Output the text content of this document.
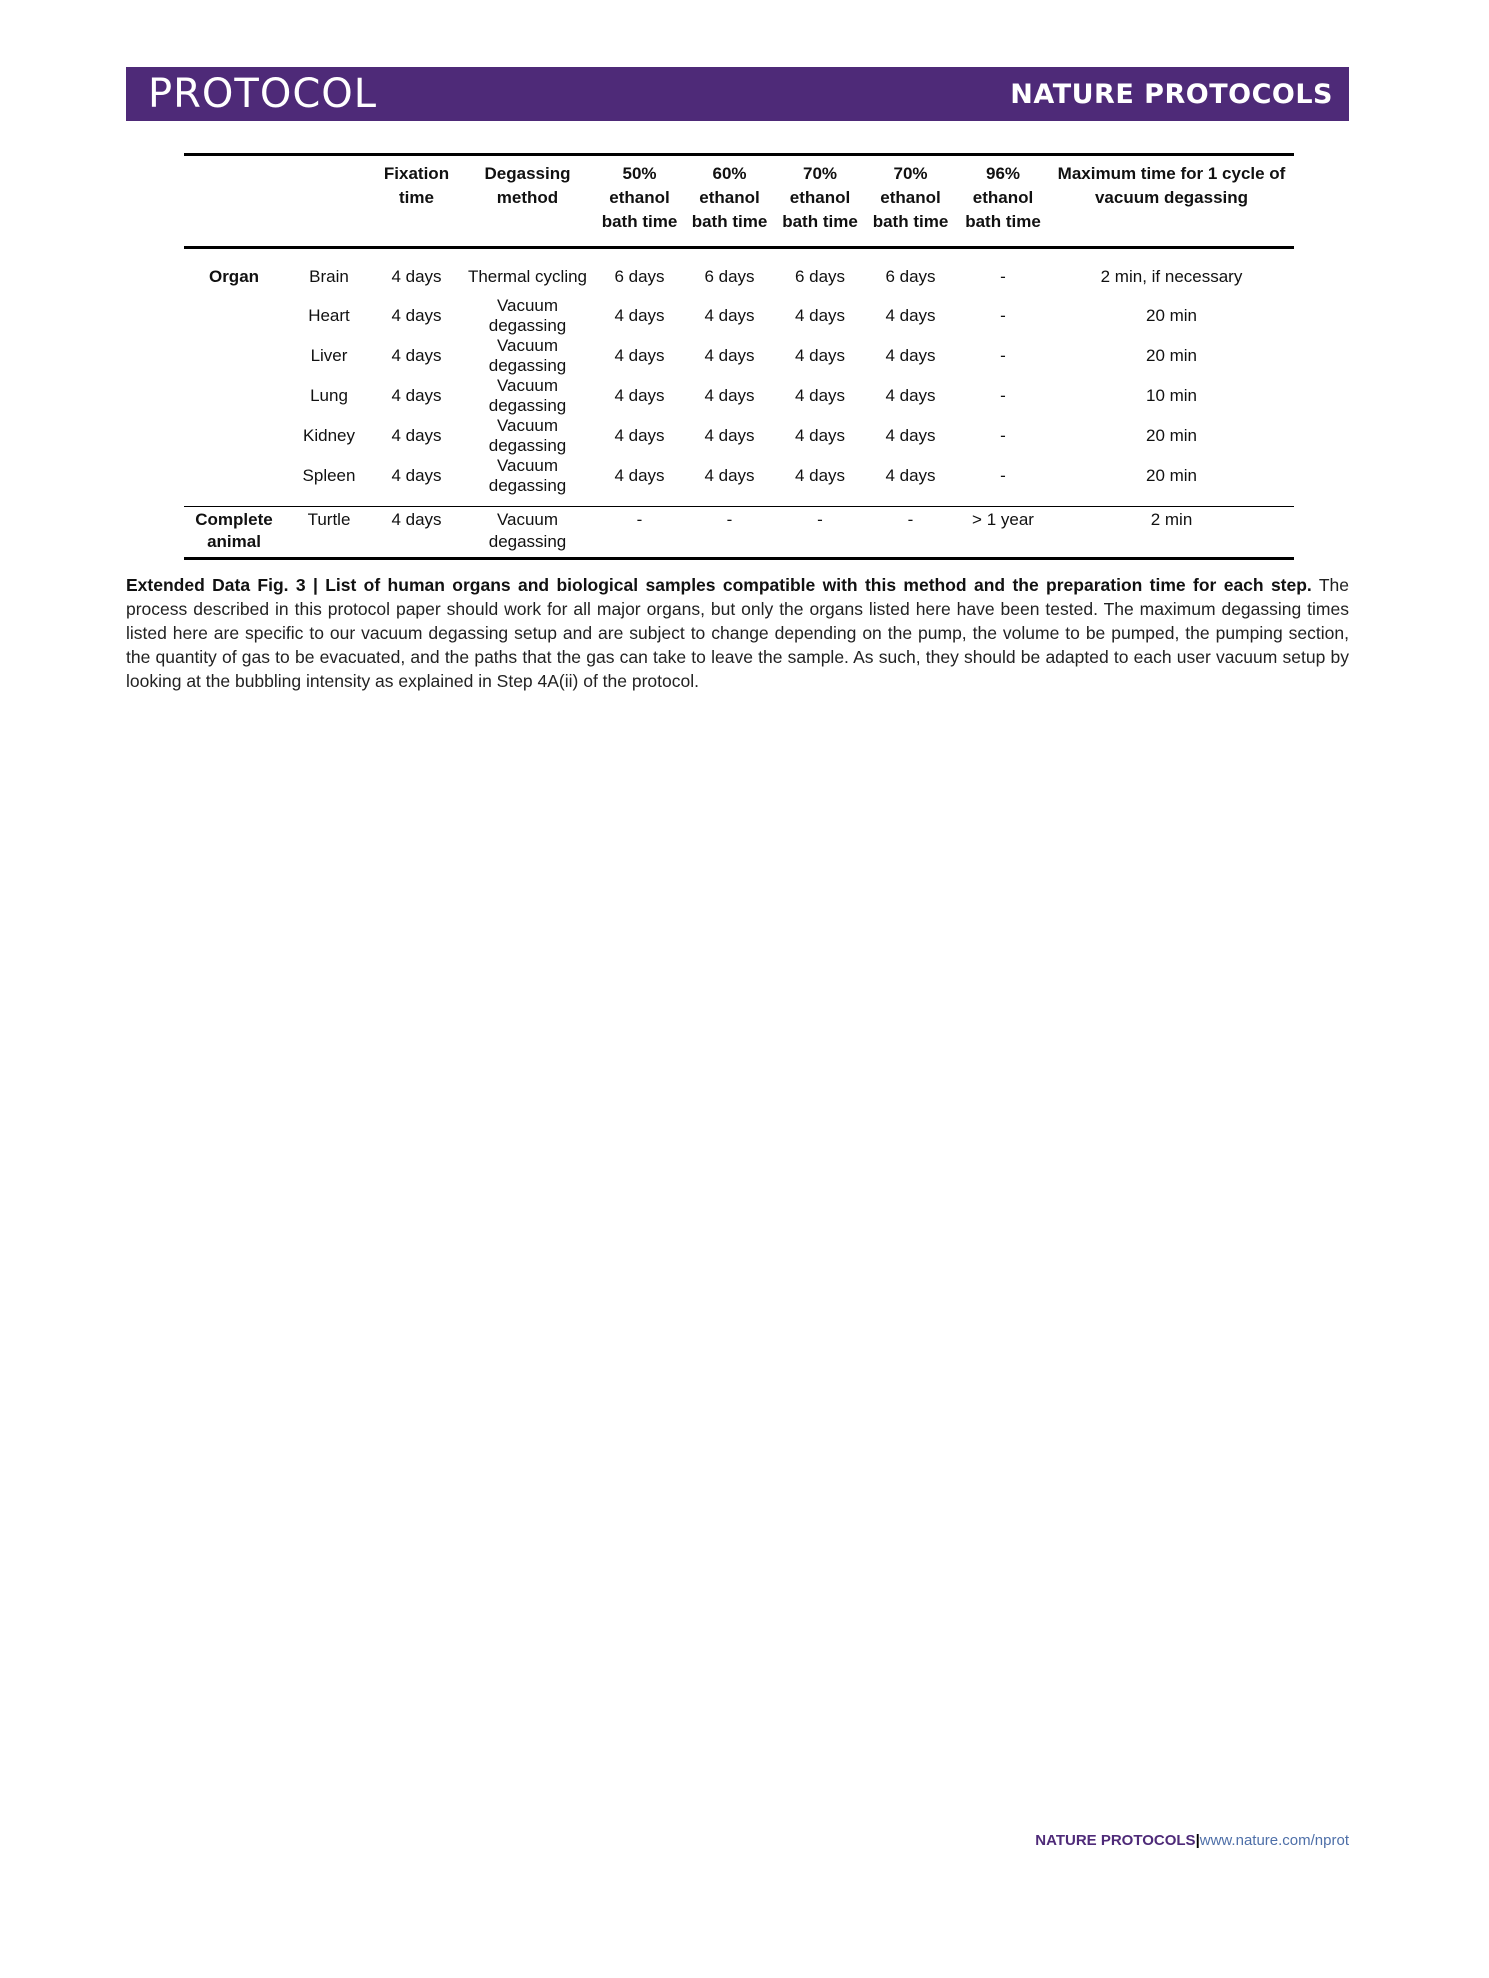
PROTOCOL	NATURE PROTOCOLS
		Fixation time	Degassing method	50% ethanol bath time	60% ethanol bath time	70% ethanol bath time	70% ethanol bath time	96% ethanol bath time	Maximum time for 1 cycle of vacuum degassing
Organ	Brain	4 days	Thermal cycling	6 days	6 days	6 days	6 days	-	2 min, if necessary
	Heart	4 days	Vacuum degassing	4 days	4 days	4 days	4 days	-	20 min
	Liver	4 days	Vacuum degassing	4 days	4 days	4 days	4 days	-	20 min
	Lung	4 days	Vacuum degassing	4 days	4 days	4 days	4 days	-	10 min
	Kidney	4 days	Vacuum degassing	4 days	4 days	4 days	4 days	-	20 min
	Spleen	4 days	Vacuum degassing	4 days	4 days	4 days	4 days	-	20 min
Complete animal	Turtle	4 days	Vacuum degassing	-	-	-	-	> 1 year	2 min
Extended Data Fig. 3 | List of human organs and biological samples compatible with this method and the preparation time for each step. The process described in this protocol paper should work for all major organs, but only the organs listed here have been tested. The maximum degassing times listed here are specific to our vacuum degassing setup and are subject to change depending on the pump, the volume to be pumped, the pumping section, the quantity of gas to be evacuated, and the paths that the gas can take to leave the sample. As such, they should be adapted to each user vacuum setup by looking at the bubbling intensity as explained in Step 4A(ii) of the protocol.
NATURE PROTOCOLS|www.nature.com/nprot
